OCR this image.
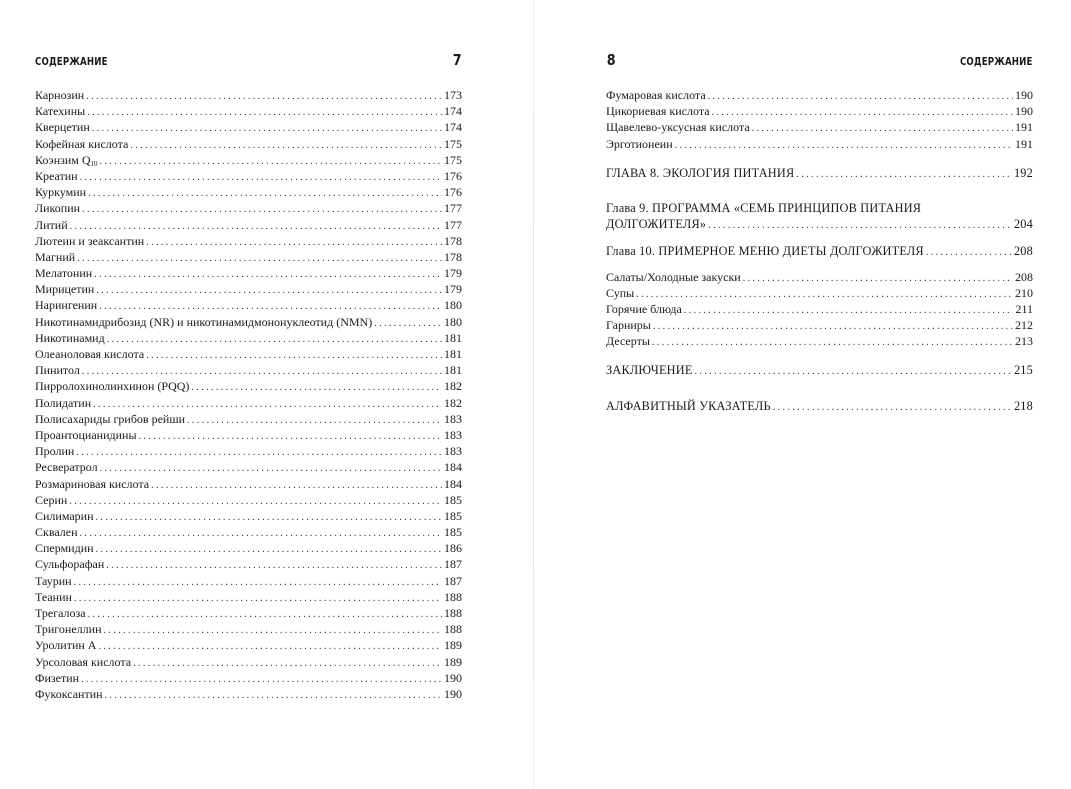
СОДЕРЖАНИЕ	7
Карнозин .....	173
Катехины .....	174
Кверцетин .....	174
Кофейная кислота .....	175
Коэнзим $Q_{10}$ .....	175
Креатин .....	176
Куркумин .....	176
Ликопин .....	177
Литий .....	177
Лютеин и зеаксантин .....	178
Магний .....	178
Мелатонин .....	179
Мирицетин .....	179
Нарингенин .....	180
Никотинамидрибозид (NR) и никотинамидмононуклеотид (NMN) .....	180
Никотинамид .....	181
Олеаноловая кислота .....	181
Пинитол .....	181
Пирролохинолинхинон (PQQ) .....	182
Полидатин .....	182
Полисахариды грибов рейши .....	183
Проантоцианидины .....	183
Пролин .....	183
Ресвератрол .....	184
Розмариновая кислота .....	184
Серин .....	185
Силимарин .....	185
Сквален .....	185
Спермидин .....	186
Сульфорафан .....	187
Таурин .....	187
Теанин .....	188
Трегалоза .....	188
Тригонеллин .....	188
Уролитин А .....	189
Урсоловая кислота .....	189
Физетин .....	190
Фукоксантин .....	190
8	СОДЕРЖАНИЕ
Фумаровая кислота .....	190
Цикориевая кислота .....	190
Щавелево-уксусная кислота .....	191
Эрготионеин .....	191
ГЛАВА 8. ЭКОЛОГИЯ ПИТАНИЯ .....	192
Глава 9. ПРОГРАММА «СЕМЬ ПРИНЦИПОВ ПИТАНИЯ
ДОЛГОЖИТЕЛЯ» .....	204
Глава 10. ПРИМЕРНОЕ МЕНЮ ДИЕТЫ ДОЛГОЖИТЕЛЯ .....	208
Салаты/Холодные закуски .....	208
Супы .....	210
Горячие блюда .....	211
Гарниры .....	212
Десерты .....	213
ЗАКЛЮЧЕНИЕ .....	215
АЛФАВИТНЫЙ УКАЗАТЕЛЬ .....	218
